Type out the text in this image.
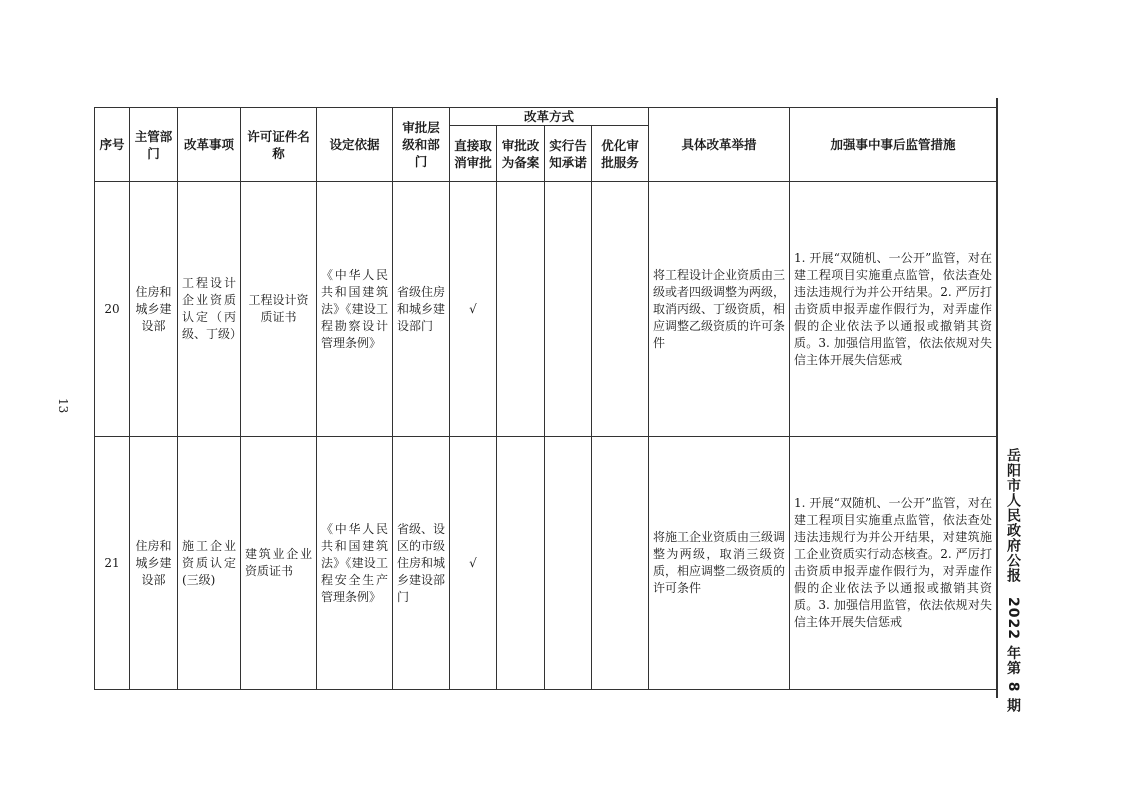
13
岳阳市人民政府公报2022 年第 8 期
序号	主管部门	改革事项	许可证件名称	设定依据	审批层级和部门	改革方式				具体改革举措	加强事中事后监管措施
						直接取消审批	审批改为备案	实行告知承诺	优化审批服务		
20	住房和城乡建设部	工程设计企业资质认定（丙级、丁级）	工程设计资质证书	《中华人民共和国建筑法》《建设工程勘察设计管理条例》	省级住房和城乡建设部门	√				将工程设计企业资质由三级或者四级调整为两级，取消丙级、丁级资质，相应调整乙级资质的许可条件	1. 开展“双随机、一公开”监管，对在建工程项目实施重点监管，依法查处违法违规行为并公开结果。2. 严厉打击资质申报弄虚作假行为，对弄虚作假的企业依法予以通报或撤销其资质。3. 加强信用监管，依法依规对失信主体开展失信惩戒
21	住房和城乡建设部	施工企业资质认定(三级)	建筑业企业资质证书	《中华人民共和国建筑法》《建设工程安全生产管理条例》	省级、设区的市级住房和城乡建设部门	√				将施工企业资质由三级调整为两级，取消三级资质，相应调整二级资质的许可条件	1. 开展“双随机、一公开”监管，对在建工程项目实施重点监管，依法查处违法违规行为并公开结果，对建筑施工企业资质实行动态核查。2. 严厉打击资质申报弄虚作假行为，对弄虚作假的企业依法予以通报或撤销其资质。3. 加强信用监管，依法依规对失信主体开展失信惩戒
